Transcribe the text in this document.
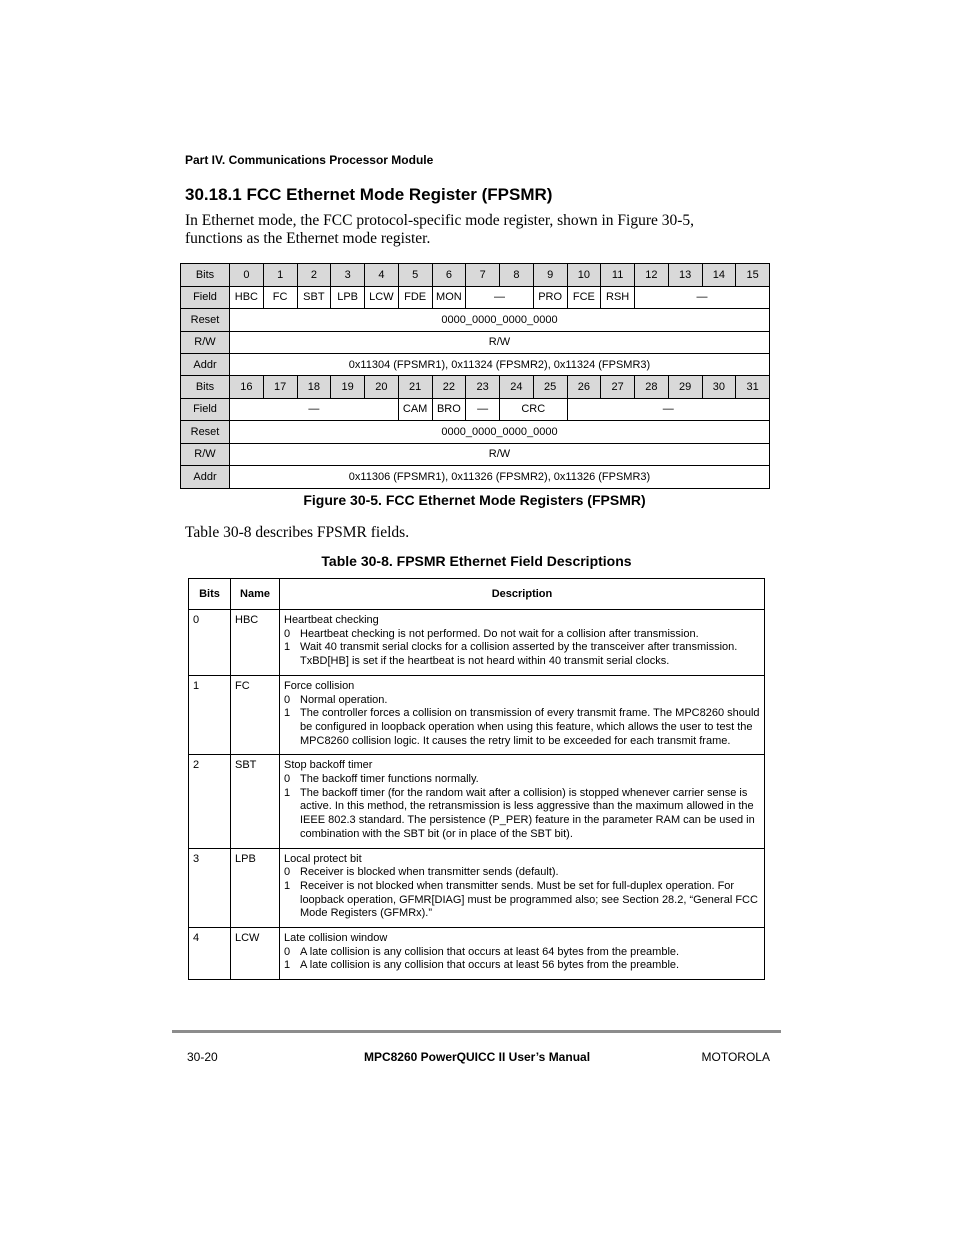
Part IV. Communications Processor Module
30.18.1 FCC Ethernet Mode Register (FPSMR)
In Ethernet mode, the FCC protocol-specific mode register, shown in Figure 30-5,
functions as the Ethernet mode register.
Bits	0	1	2	3	4	5	6	7	8	9	10	11	12	13	14	15
Field	HBC	FC	SBT	LPB	LCW	FDE	MON	—		PRO	FCE	RSH	—			
Reset	0000_0000_0000_0000															
R/W	R/W															
Addr	0x11304 (FPSMR1), 0x11324 (FPSMR2), 0x11324 (FPSMR3)															
Bits	16	17	18	19	20	21	22	23	24	25	26	27	28	29	30	31
Field	—					CAM	BRO	—	CRC		—					
Reset	0000_0000_0000_0000															
R/W	R/W															
Addr	0x11306 (FPSMR1), 0x11326 (FPSMR2), 0x11326 (FPSMR3)															
Figure 30-5. FCC Ethernet Mode Registers (FPSMR)
Table 30-8 describes FPSMR fields.
Table 30-8. FPSMR Ethernet Field Descriptions
Bits	Name	Description
0	HBC	Heartbeat checking
0 Heartbeat checking is not performed. Do not wait for a collision after transmission.
1 Wait 40 transmit serial clocks for a collision asserted by the transceiver after transmission. TxBD[HB] is set if the heartbeat is not heard within 40 transmit serial clocks.

1	FC	Force collision
0 Normal operation.
1 The controller forces a collision on transmission of every transmit frame. The MPC8260 should be configured in loopback operation when using this feature, which allows the user to test the MPC8260 collision logic. It causes the retry limit to be exceeded for each transmit frame.

2	SBT	Stop backoff timer
0 The backoff timer functions normally.
1 The backoff timer (for the random wait after a collision) is stopped whenever carrier sense is active. In this method, the retransmission is less aggressive than the maximum allowed in the IEEE 802.3 standard. The persistence (P_PER) feature in the parameter RAM can be used in combination with the SBT bit (or in place of the SBT bit).

3	LPB	Local protect bit
0 Receiver is blocked when transmitter sends (default).
1 Receiver is not blocked when transmitter sends. Must be set for full-duplex operation. For loopback operation, GFMR[DIAG] must be programmed also; see Section 28.2, “General FCC Mode Registers (GFMRx).”

4	LCW	Late collision window
0 A late collision is any collision that occurs at least 64 bytes from the preamble.
1 A late collision is any collision that occurs at least 56 bytes from the preamble.
30-20	MPC8260 PowerQUICC II User’s Manual	MOTOROLA
